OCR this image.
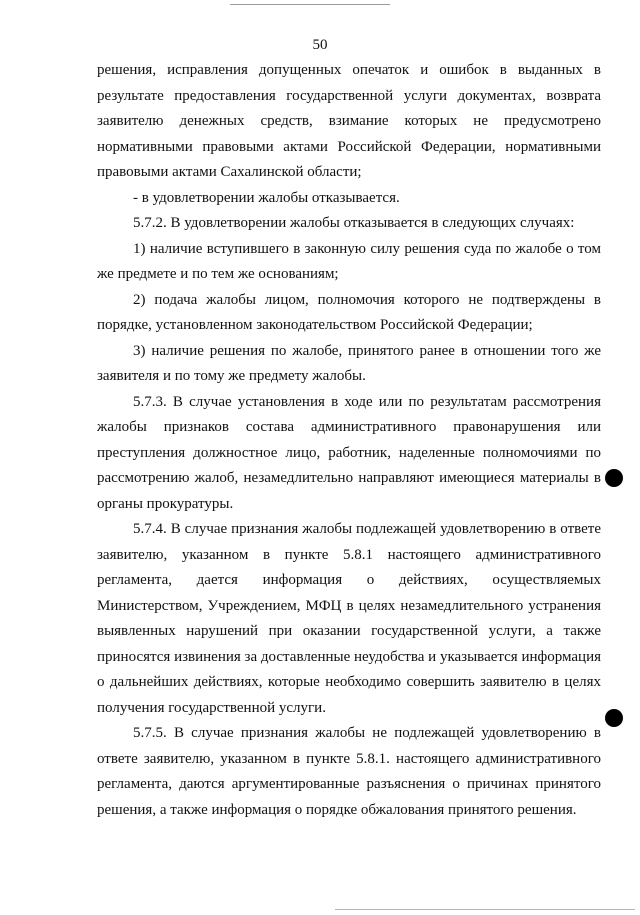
50

решения, исправления допущенных опечаток и ошибок в выданных в результате предоставления государственной услуги документах, возврата заявителю денежных средств, взимание которых не предусмотрено нормативными правовыми актами Российской Федерации, нормативными правовыми актами Сахалинской области;

- в удовлетворении жалобы отказывается.

5.7.2. В удовлетворении жалобы отказывается в следующих случаях:

1) наличие вступившего в законную силу решения суда по жалобе о том же предмете и по тем же основаниям;

2) подача жалобы лицом, полномочия которого не подтверждены в порядке, установленном законодательством Российской Федерации;

3) наличие решения по жалобе, принятого ранее в отношении того же заявителя и по тому же предмету жалобы.

5.7.3. В случае установления в ходе или по результатам рассмотрения жалобы признаков состава административного правонарушения или преступления должностное лицо, работник, наделенные полномочиями по рассмотрению жалоб, незамедлительно направляют имеющиеся материалы в органы прокуратуры.

5.7.4. В случае признания жалобы подлежащей удовлетворению в ответе заявителю, указанном в пункте 5.8.1 настоящего административного регламента, дается информация о действиях, осуществляемых Министерством, Учреждением, МФЦ в целях незамедлительного устранения выявленных нарушений при оказании государственной услуги, а также приносятся извинения за доставленные неудобства и указывается информация о дальнейших действиях, которые необходимо совершить заявителю в целях получения государственной услуги.

5.7.5. В случае признания жалобы не подлежащей удовлетворению в ответе заявителю, указанном в пункте 5.8.1. настоящего административного регламента, даются аргументированные разъяснения о причинах принятого решения, а также информация о порядке обжалования принятого решения.
